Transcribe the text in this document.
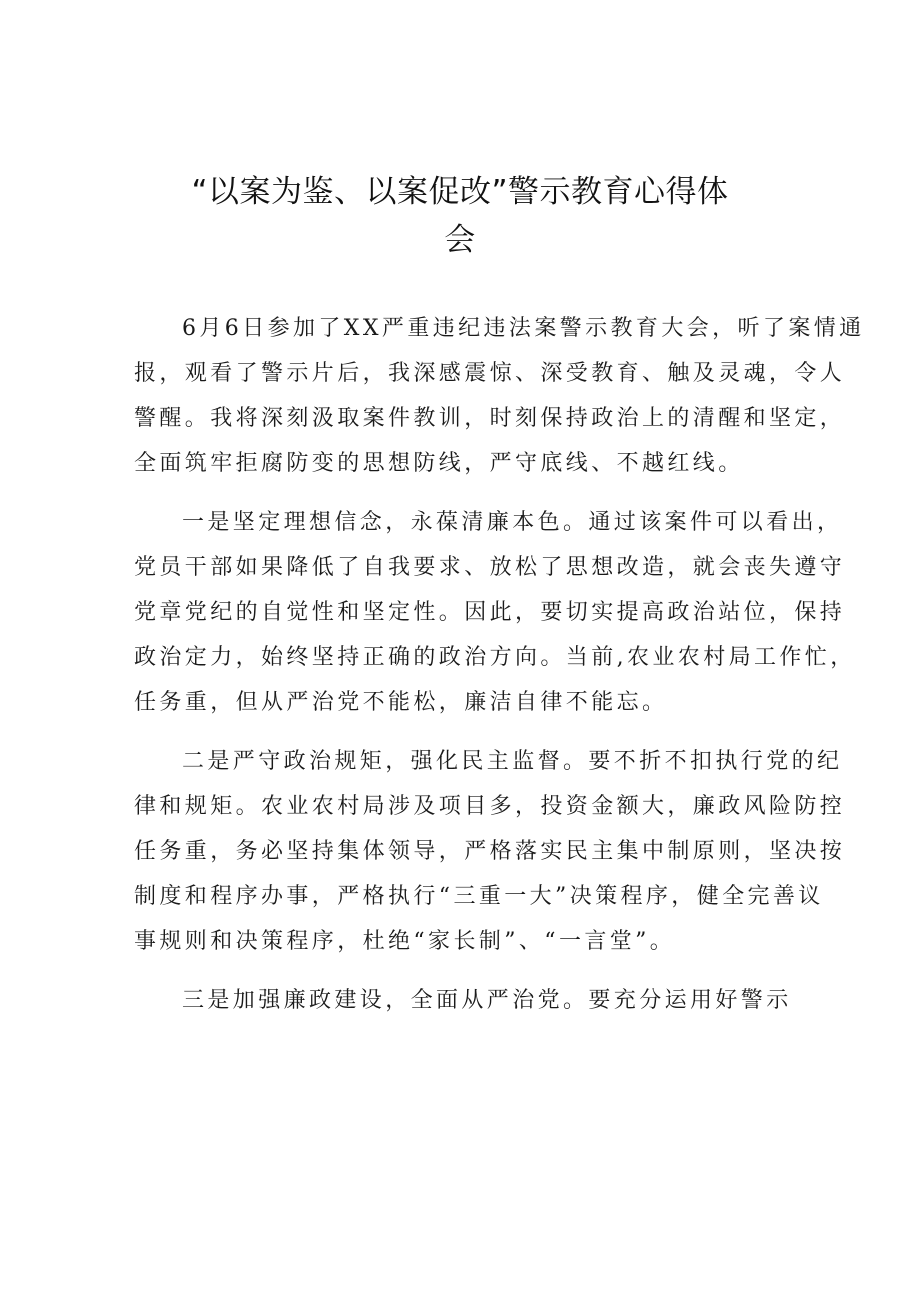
“以案为鉴、以案促改”警示教育心得体
会

6月6日参加了XX严重违纪违法案警示教育大会，听了案情通
报，观看了警示片后，我深感震惊、深受教育、触及灵魂，令人
警醒。我将深刻汲取案件教训，时刻保持政治上的清醒和坚定，
全面筑牢拒腐防变的思想防线，严守底线、不越红线。

一是坚定理想信念，永葆清廉本色。通过该案件可以看出，
党员干部如果降低了自我要求、放松了思想改造，就会丧失遵守
党章党纪的自觉性和坚定性。因此，要切实提高政治站位，保持
政治定力，始终坚持正确的政治方向。当前,农业农村局工作忙，
任务重，但从严治党不能松，廉洁自律不能忘。

二是严守政治规矩，强化民主监督。要不折不扣执行党的纪
律和规矩。农业农村局涉及项目多，投资金额大，廉政风险防控
任务重，务必坚持集体领导，严格落实民主集中制原则，坚决按
制度和程序办事，严格执行“三重一大”决策程序，健全完善议
事规则和决策程序，杜绝“家长制”、“一言堂”。

三是加强廉政建设，全面从严治党。要充分运用好警示
